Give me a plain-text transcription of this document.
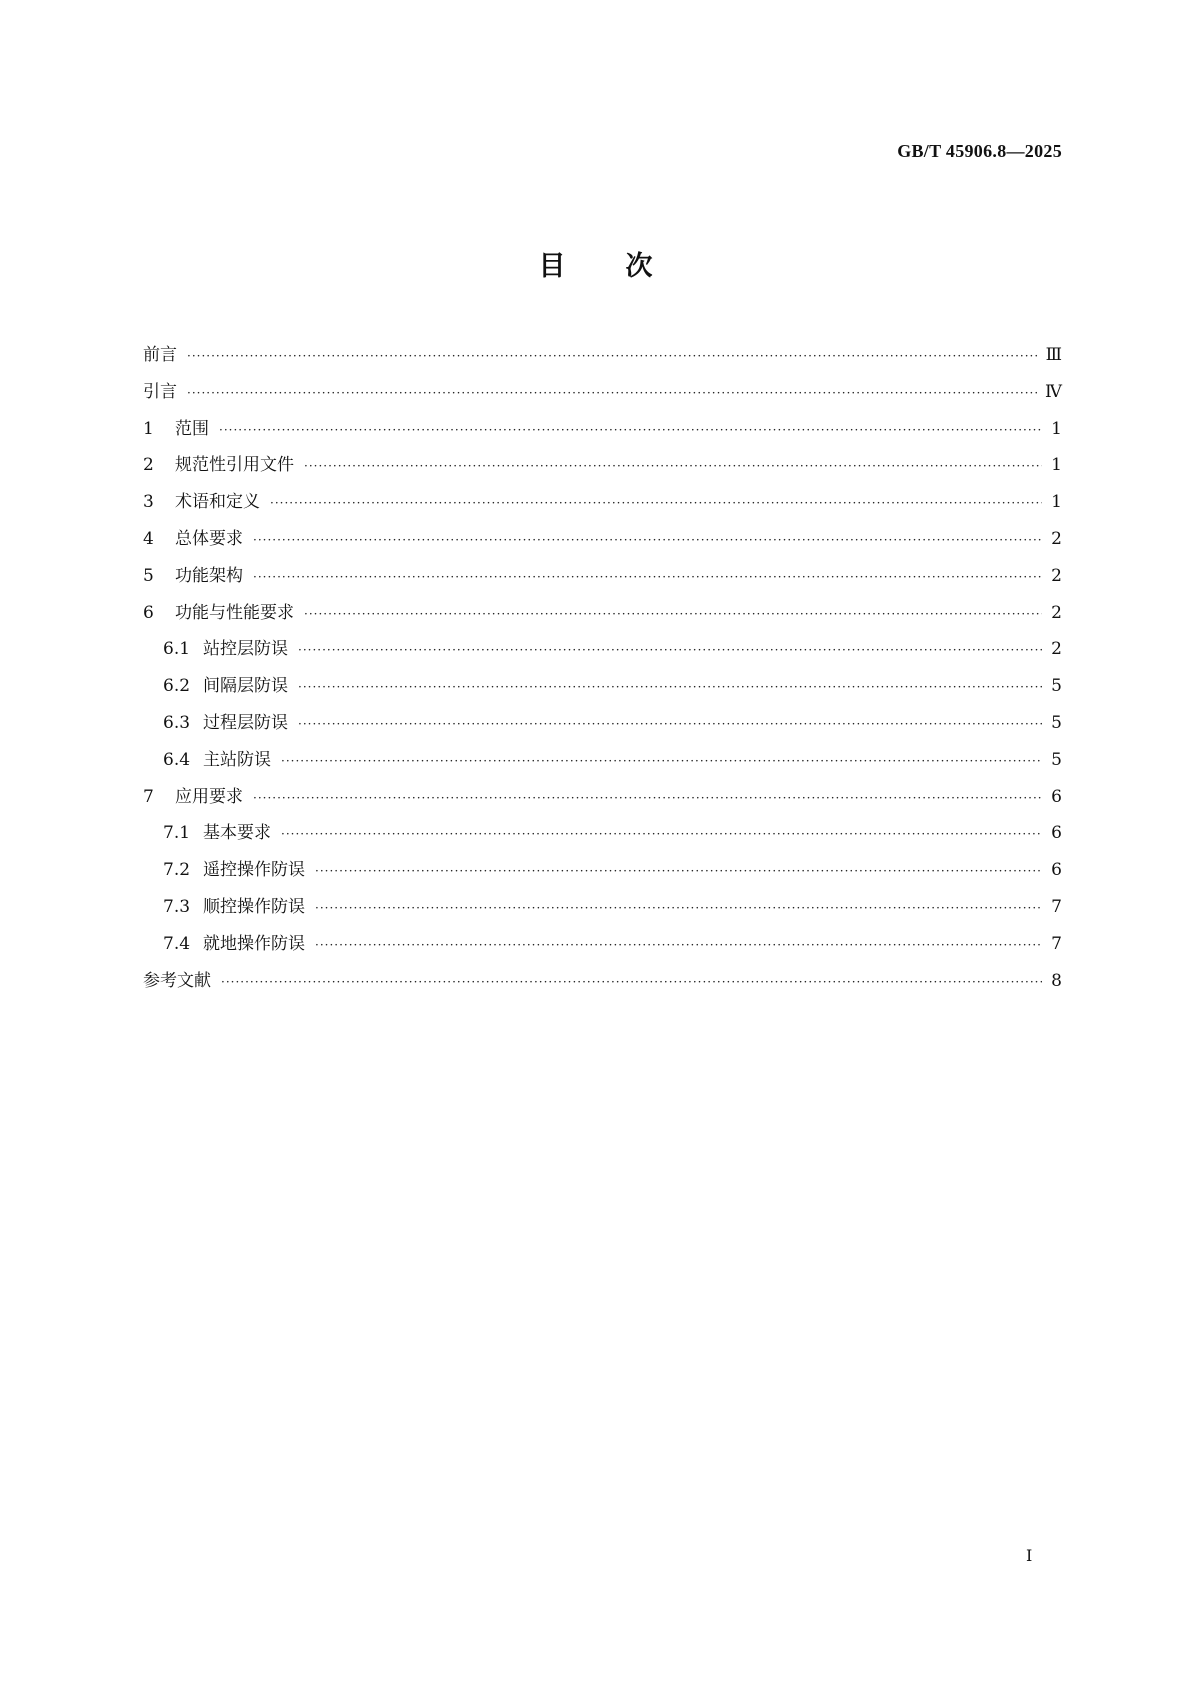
GB/T 45906.8—2025
目 次
前言 ·····	Ⅲ
引言 ·····	Ⅳ
1	范围 ·····	1
2	规范性引用文件 ·····	1
3	术语和定义 ·····	1
4	总体要求 ·····	2
5	功能架构 ·····	2
6	功能与性能要求 ·····	2
6.1 站控层防误 ·····	2
6.2 间隔层防误 ·····	5
6.3 过程层防误 ·····	5
6.4 主站防误 ·····	5
7	应用要求 ·····	6
7.1 基本要求 ·····	6
7.2 遥控操作防误 ·····	6
7.3 顺控操作防误 ·····	7
7.4 就地操作防误 ·····	7
参考文献 ·····	8
I
